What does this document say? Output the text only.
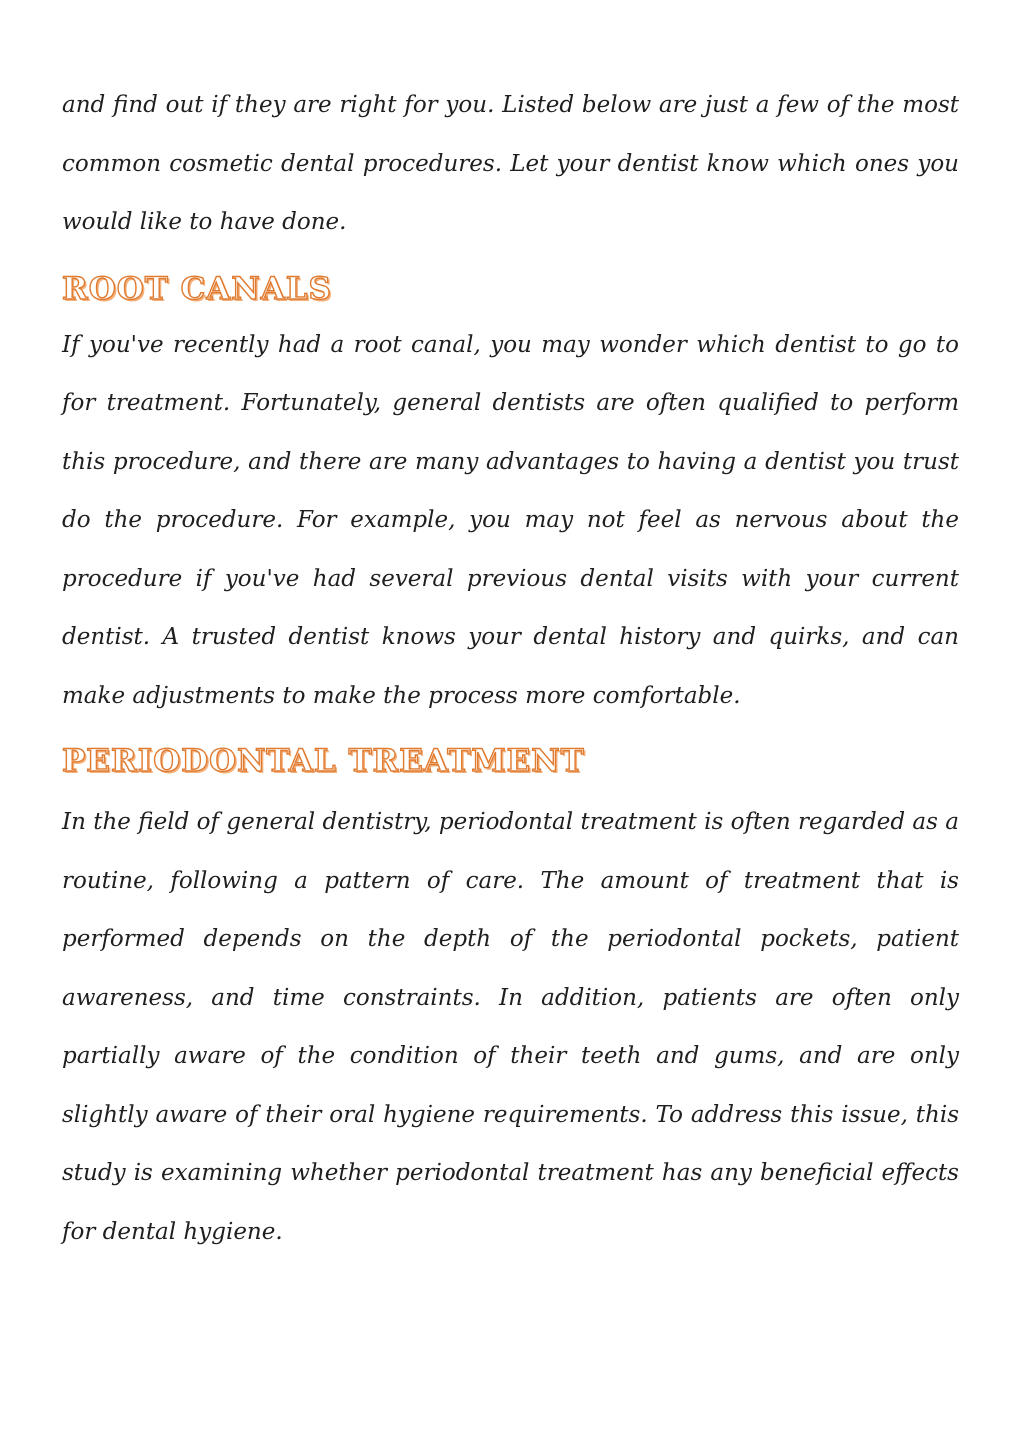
and find out if they are right for you. Listed below are just a few of the most common cosmetic dental procedures. Let your dentist know which ones you would like to have done.

ROOT CANALS

If you've recently had a root canal, you may wonder which dentist to go to for treatment. Fortunately, general dentists are often qualified to perform this procedure, and there are many advantages to having a dentist you trust do the procedure. For example, you may not feel as nervous about the procedure if you've had several previous dental visits with your current dentist. A trusted dentist knows your dental history and quirks, and can make adjustments to make the process more comfortable.

PERIODONTAL TREATMENT

In the field of general dentistry, periodontal treatment is often regarded as a routine, following a pattern of care. The amount of treatment that is performed depends on the depth of the periodontal pockets, patient awareness, and time constraints. In addition, patients are often only partially aware of the condition of their teeth and gums, and are only slightly aware of their oral hygiene requirements. To address this issue, this study is examining whether periodontal treatment has any beneficial effects for dental hygiene.
